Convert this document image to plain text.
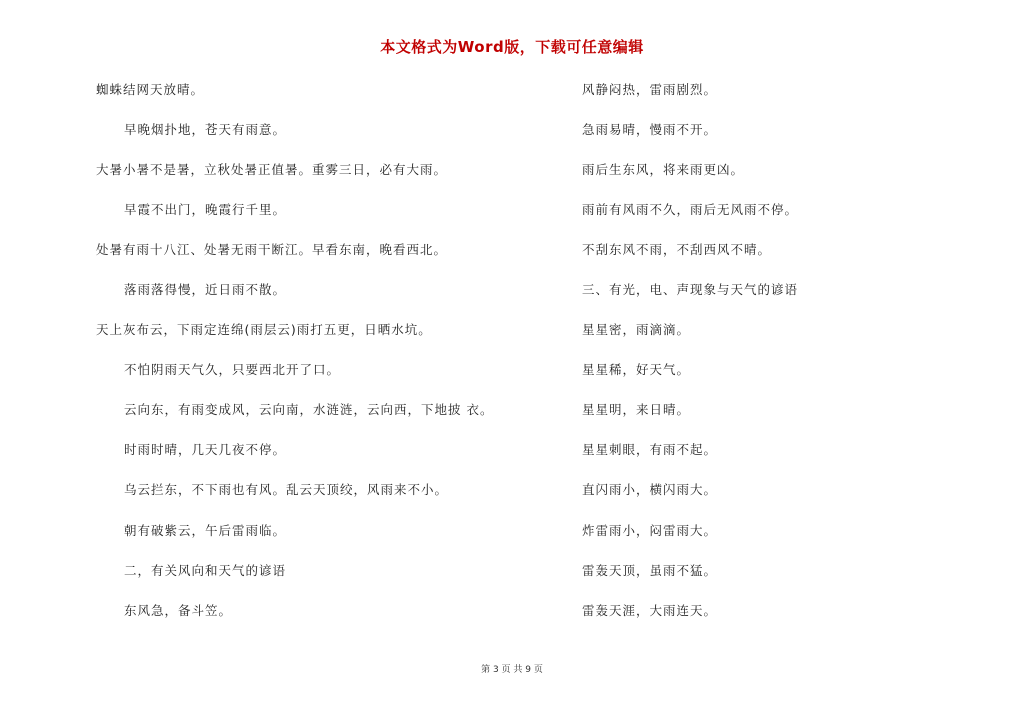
本文格式为Word版，下载可任意编辑
蜘蛛结网天放晴。
早晚烟扑地，苍天有雨意。
大暑小暑不是暑，立秋处暑正值暑。重雾三日，必有大雨。
早霞不出门，晚霞行千里。
处暑有雨十八江、处暑无雨干断江。早看东南，晚看西北。
落雨落得慢，近日雨不散。
天上灰布云，下雨定连绵(雨层云)雨打五更，日晒水坑。
不怕阴雨天气久，只要西北开了口。
云向东，有雨变成风，云向南，水涟涟，云向西，下地披 衣。
时雨时晴，几天几夜不停。
乌云拦东，不下雨也有风。乱云天顶绞，风雨来不小。
朝有破紫云，午后雷雨临。
二，有关风向和天气的谚语
东风急，备斗笠。
风静闷热，雷雨剧烈。
急雨易晴，慢雨不开。
雨后生东风，将来雨更凶。
雨前有风雨不久，雨后无风雨不停。
不刮东风不雨，不刮西风不晴。
三、有光，电、声现象与天气的谚语
星星密，雨滴滴。
星星稀，好天气。
星星明，来日晴。
星星刺眼，有雨不起。
直闪雨小，横闪雨大。
炸雷雨小，闷雷雨大。
雷轰天顶，虽雨不猛。
雷轰天涯，大雨连天。
第 3 页 共 9 页
